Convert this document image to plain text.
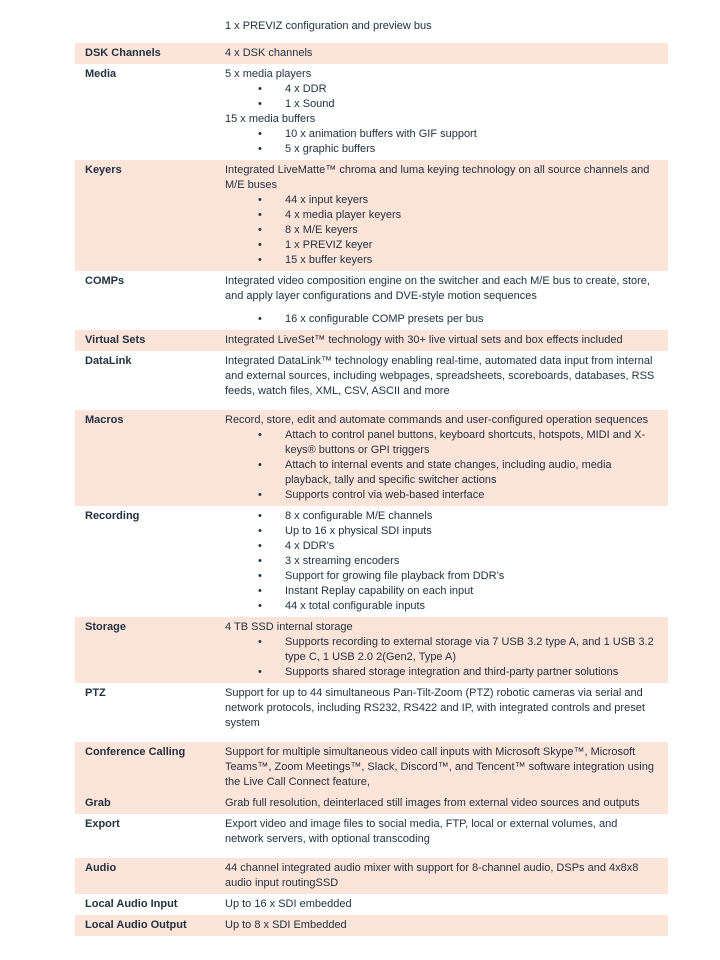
1 x PREVIZ configuration and preview bus
DSK Channels	4 x DSK channels
Media	5 x media players
•	4 x DDR
•	1 x Sound
15 x media buffers
•	10 x animation buffers with GIF support
•	5 x graphic buffers
Keyers	Integrated LiveMatte™ chroma and luma keying technology on all source channels and M/E buses
•	44 x input keyers
•	4 x media player keyers
•	8 x M/E keyers
•	1 x PREVIZ keyer
•	15 x buffer keyers
COMPs	Integrated video composition engine on the switcher and each M/E bus to create, store, and apply layer configurations and DVE-style motion sequences
•	16 x configurable COMP presets per bus
Virtual Sets	Integrated LiveSet™ technology with 30+ live virtual sets and box effects included
DataLink	Integrated DataLink™ technology enabling real-time, automated data input from internal and external sources, including webpages, spreadsheets, scoreboards, databases, RSS feeds, watch files, XML, CSV, ASCII and more
Macros	Record, store, edit and automate commands and user-configured operation sequences
•	Attach to control panel buttons, keyboard shortcuts, hotspots, MIDI and X-keys® buttons or GPI triggers
•	Attach to internal events and state changes, including audio, media playback, tally and specific switcher actions
•	Supports control via web-based interface
Recording	•	8 x configurable M/E channels
•	Up to 16 x physical SDI inputs
•	4 x DDR’s
•	3 x streaming encoders
•	Support for growing file playback from DDR’s
•	Instant Replay capability on each input
•	44 x total configurable inputs
Storage	4 TB SSD internal storage
•	Supports recording to external storage via 7 USB 3.2 type A, and 1 USB 3.2 type C, 1 USB 2.0 2(Gen2, Type A)
•	Supports shared storage integration and third-party partner solutions
PTZ	Support for up to 44 simultaneous Pan-Tilt-Zoom (PTZ) robotic cameras via serial and network protocols, including RS232, RS422 and IP, with integrated controls and preset system
Conference Calling	Support for multiple simultaneous video call inputs with Microsoft Skype™, Microsoft Teams™, Zoom Meetings™, Slack, Discord™, and Tencent™ software integration using the Live Call Connect feature,
Grab	Grab full resolution, deinterlaced still images from external video sources and outputs
Export	Export video and image files to social media, FTP, local or external volumes, and network servers, with optional transcoding
Audio	44 channel integrated audio mixer with support for 8-channel audio, DSPs and 4x8x8 audio input routingSSD
Local Audio Input	Up to 16 x SDI embedded
Local Audio Output	Up to 8 x SDI Embedded
